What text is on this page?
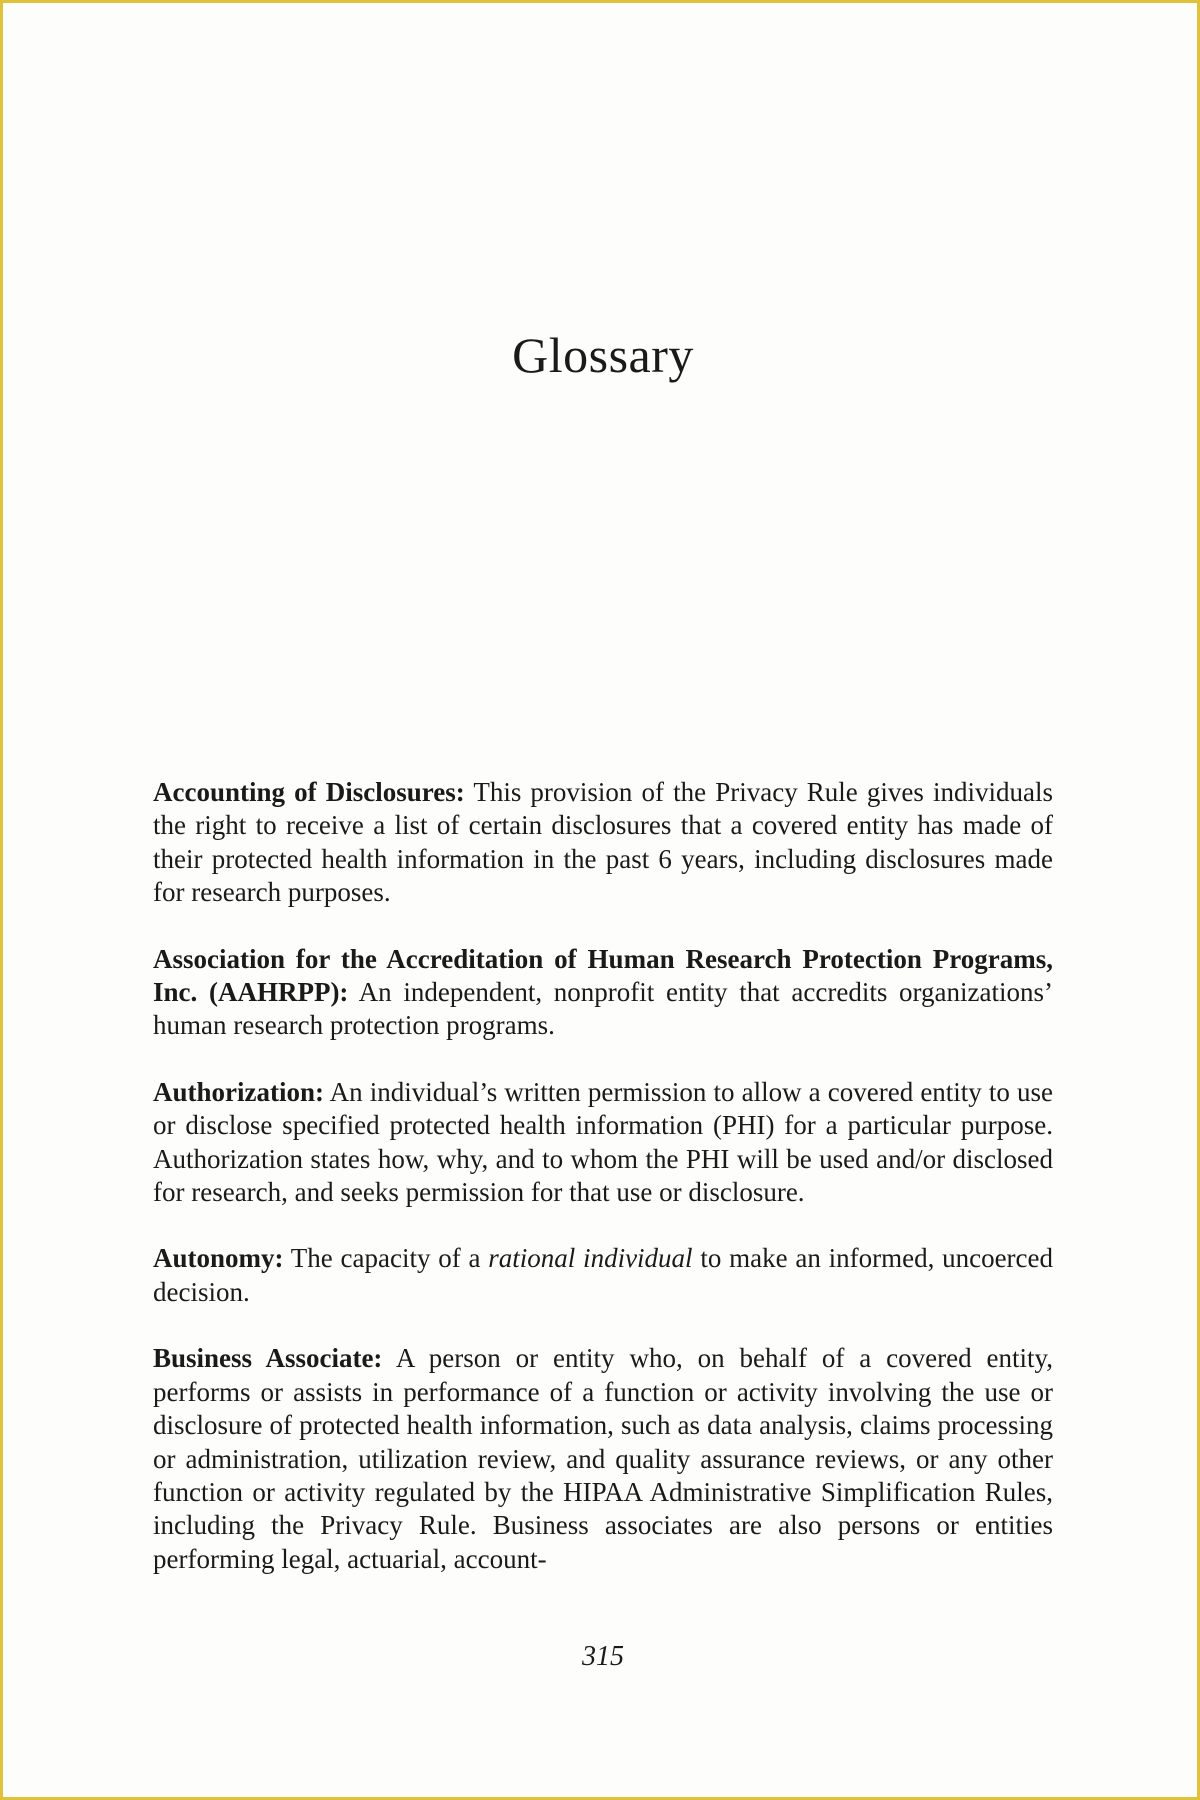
Glossary

Accounting of Disclosures: This provision of the Privacy Rule gives individuals the right to receive a list of certain disclosures that a covered entity has made of their protected health information in the past 6 years, including disclosures made for research purposes.

Association for the Accreditation of Human Research Protection Programs, Inc. (AAHRPP): An independent, nonprofit entity that accredits organizations’ human research protection programs.

Authorization: An individual’s written permission to allow a covered entity to use or disclose specified protected health information (PHI) for a particular purpose. Authorization states how, why, and to whom the PHI will be used and/or disclosed for research, and seeks permission for that use or disclosure.

Autonomy: The capacity of a rational individual to make an informed, uncoerced decision.

Business Associate: A person or entity who, on behalf of a covered entity, performs or assists in performance of a function or activity involving the use or disclosure of protected health information, such as data analysis, claims processing or administration, utilization review, and quality assurance reviews, or any other function or activity regulated by the HIPAA Administrative Simplification Rules, including the Privacy Rule. Business associates are also persons or entities performing legal, actuarial, account-

315
